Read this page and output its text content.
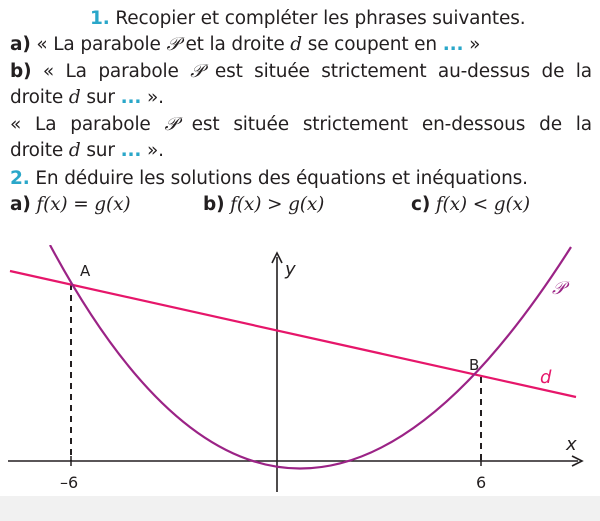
1. Recopier et compléter les phrases suivantes.
a) « La parabole 𝒫 et la droite d se coupent en ... »
b) « La parabole 𝒫 est située strictement au-dessus de la
droite d sur ... ».
« La parabole 𝒫 est située strictement en-dessous de la
droite d sur ... ».
2. En déduire les solutions des équations et inéquations.
a) f(x) = g(x)	b) f(x) > g(x)	c) f(x) < g(x)
A
B
y
x
𝒫
d
–6	6
